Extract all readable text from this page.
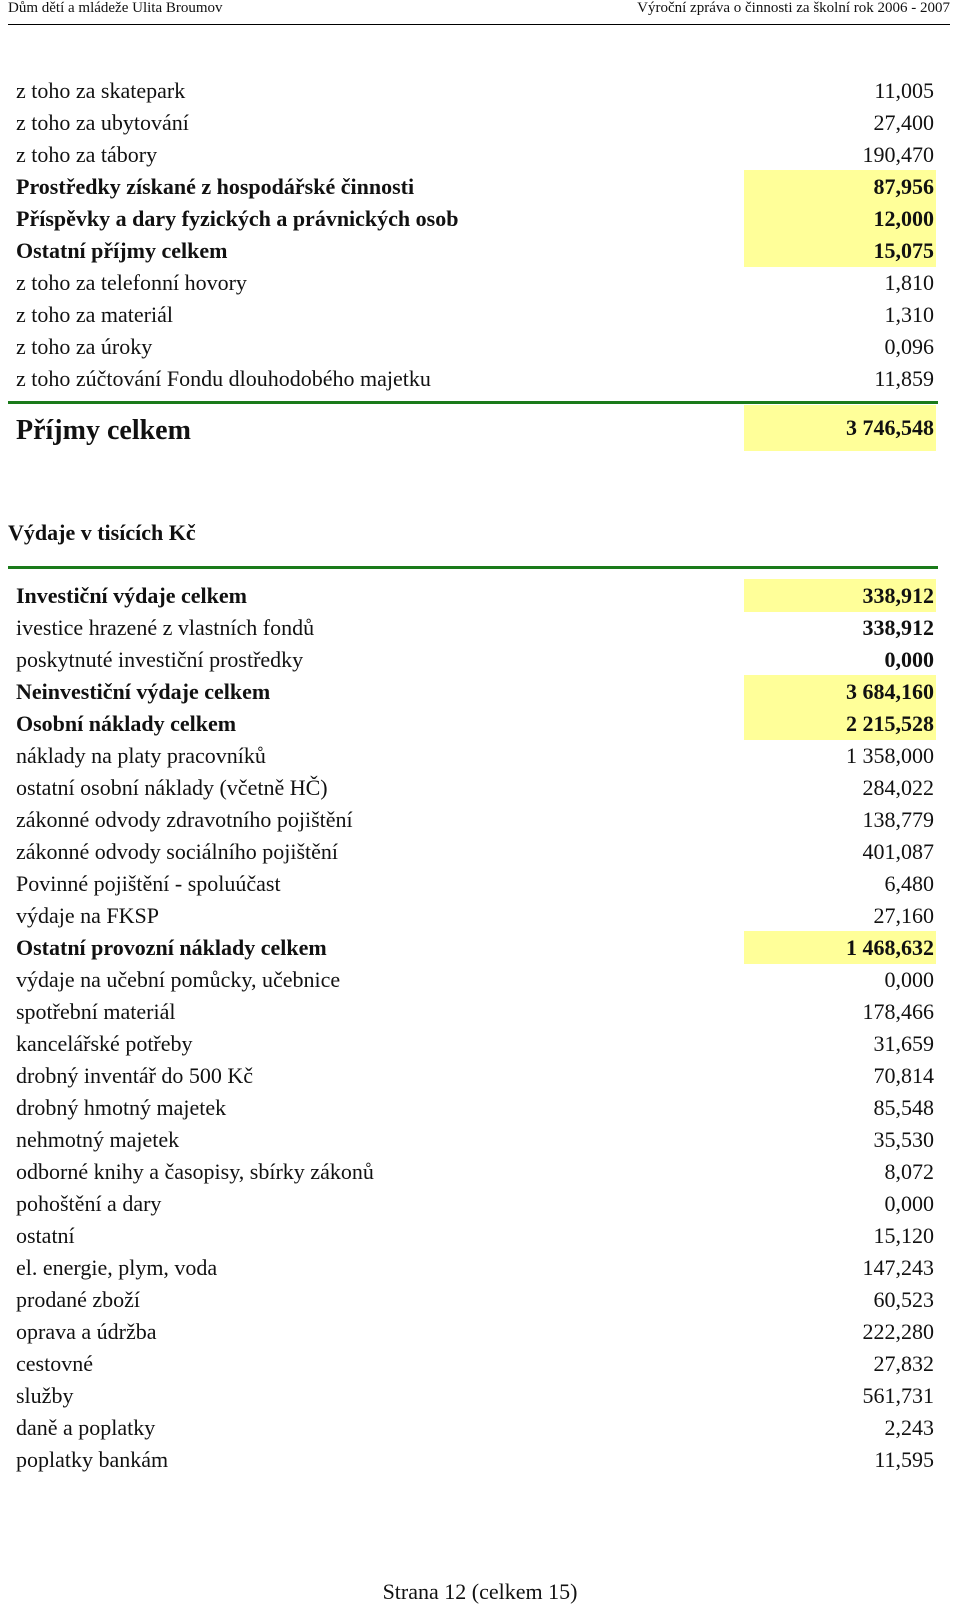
Dům dětí a mládeže Ulita Broumov	Výroční zpráva o činnosti za školní rok 2006 - 2007
z toho za skatepark	11,005
z toho za ubytování	27,400
z toho za tábory	190,470
Prostředky získané z hospodářské činnosti	87,956
Příspěvky a dary fyzických a právnických osob	12,000
Ostatní příjmy celkem	15,075
z toho za telefonní hovory	1,810
z toho za materiál	1,310
z toho za úroky	0,096
z toho zúčtování Fondu dlouhodobého majetku	11,859
Příjmy celkem	3 746,548
Výdaje v tisících Kč
Investiční výdaje celkem	338,912
ivestice hrazené z vlastních fondů	338,912
poskytnuté investiční prostředky	0,000
Neinvestiční výdaje celkem	3 684,160
Osobní náklady celkem	2 215,528
náklady na platy pracovníků	1 358,000
ostatní osobní náklady (včetně HČ)	284,022
zákonné odvody zdravotního pojištění	138,779
zákonné odvody sociálního pojištění	401,087
Povinné pojištění - spoluúčast	6,480
výdaje na FKSP	27,160
Ostatní provozní náklady celkem	1 468,632
výdaje na učební pomůcky, učebnice	0,000
spotřební materiál	178,466
kancelářské potřeby	31,659
drobný inventář do 500 Kč	70,814
drobný hmotný majetek	85,548
nehmotný majetek	35,530
odborné knihy a časopisy, sbírky zákonů	8,072
pohoštění a dary	0,000
ostatní	15,120
el. energie, plym, voda	147,243
prodané zboží	60,523
oprava a údržba	222,280
cestovné	27,832
služby	561,731
daně a poplatky	2,243
poplatky bankám	11,595
Strana 12 (celkem 15)
